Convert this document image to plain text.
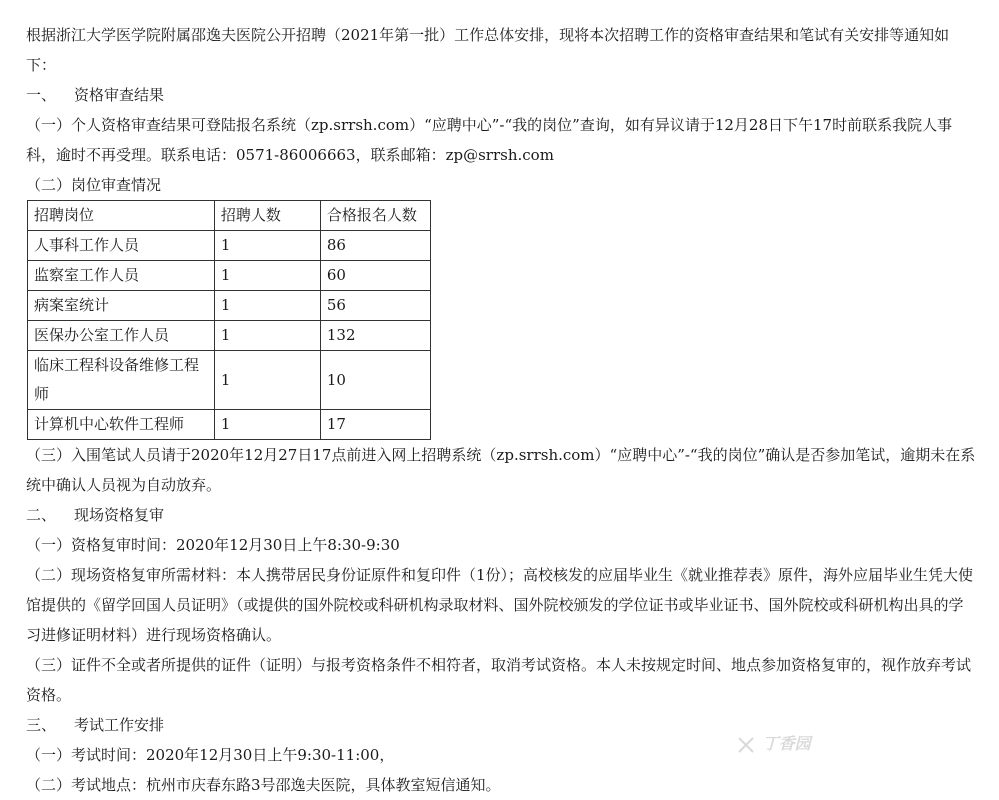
根据浙江大学医学院附属邵逸夫医院公开招聘（2021年第一批）工作总体安排，现将本次招聘工作的资格审查结果和笔试有关安排等通知如下：
一、 资格审查结果
（一）个人资格审查结果可登陆报名系统（zp.srrsh.com）“应聘中心”-“我的岗位”查询，如有异议请于12月28日下午17时前联系我院人事科，逾时不再受理。联系电话：0571-86006663，联系邮箱：zp@srrsh.com
（二）岗位审查情况
招聘岗位	招聘人数	合格报名人数
人事科工作人员	1	86
监察室工作人员	1	60
病案室统计	1	56
医保办公室工作人员	1	132
临床工程科设备维修工程师	1	10
计算机中心软件工程师	1	17
（三）入围笔试人员请于2020年12月27日17点前进入网上招聘系统（zp.srrsh.com）“应聘中心”-“我的岗位”确认是否参加笔试，逾期未在系统中确认人员视为自动放弃。
二、 现场资格复审
（一）资格复审时间：2020年12月30日上午8:30-9:30
（二）现场资格复审所需材料：本人携带居民身份证原件和复印件（1份）；高校核发的应届毕业生《就业推荐表》原件，海外应届毕业生凭大使馆提供的《留学回国人员证明》（或提供的国外院校或科研机构录取材料、国外院校颁发的学位证书或毕业证书、国外院校或科研机构出具的学习进修证明材料）进行现场资格确认。
（三）证件不全或者所提供的证件（证明）与报考资格条件不相符者，取消考试资格。本人未按规定时间、地点参加资格复审的，视作放弃考试资格。
三、 考试工作安排
（一）考试时间：2020年12月30日上午9:30-11:00，
（二）考试地点：杭州市庆春东路3号邵逸夫医院，具体教室短信通知。
丁香园
